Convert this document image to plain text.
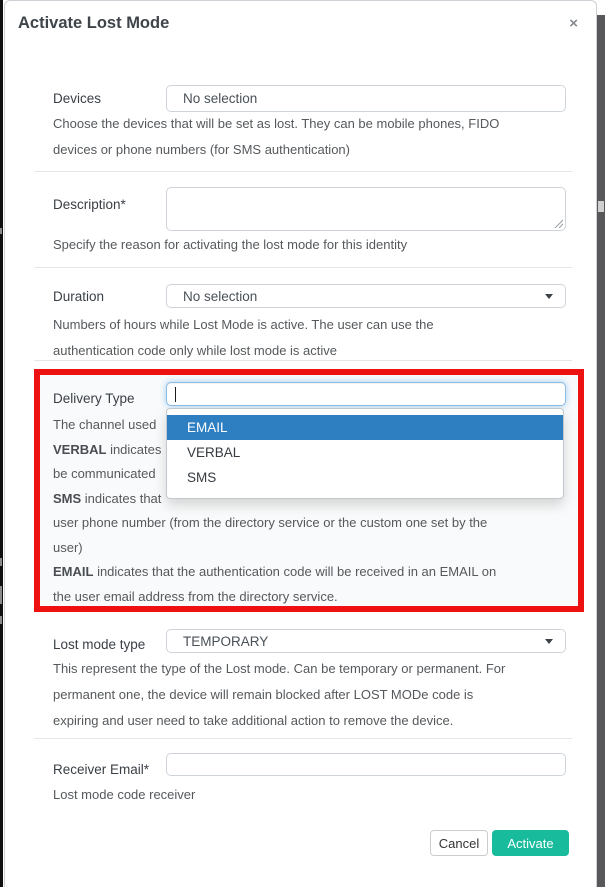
Activate Lost Mode	×
Devices	No selection
Choose the devices that will be set as lost. They can be mobile phones, FIDO
devices or phone numbers (for SMS authentication)
Description*
Specify the reason for activating the lost mode for this identity
Duration	No selection
Numbers of hours while Lost Mode is active. The user can use the
authentication code only while lost mode is active
Delivery Type
The channel used
VERBAL indicates
be communicated
SMS indicates that
user phone number (from the directory service or the custom one set by the
user)
EMAIL indicates that the authentication code will be received in an EMAIL on
the user email address from the directory service.
EMAIL
VERBAL
SMS
Lost mode type	TEMPORARY
This represent the type of the Lost mode. Can be temporary or permanent. For
permanent one, the device will remain blocked after LOST MODe code is
expiring and user need to take additional action to remove the device.
Receiver Email*
Lost mode code receiver
Cancel	Activate
